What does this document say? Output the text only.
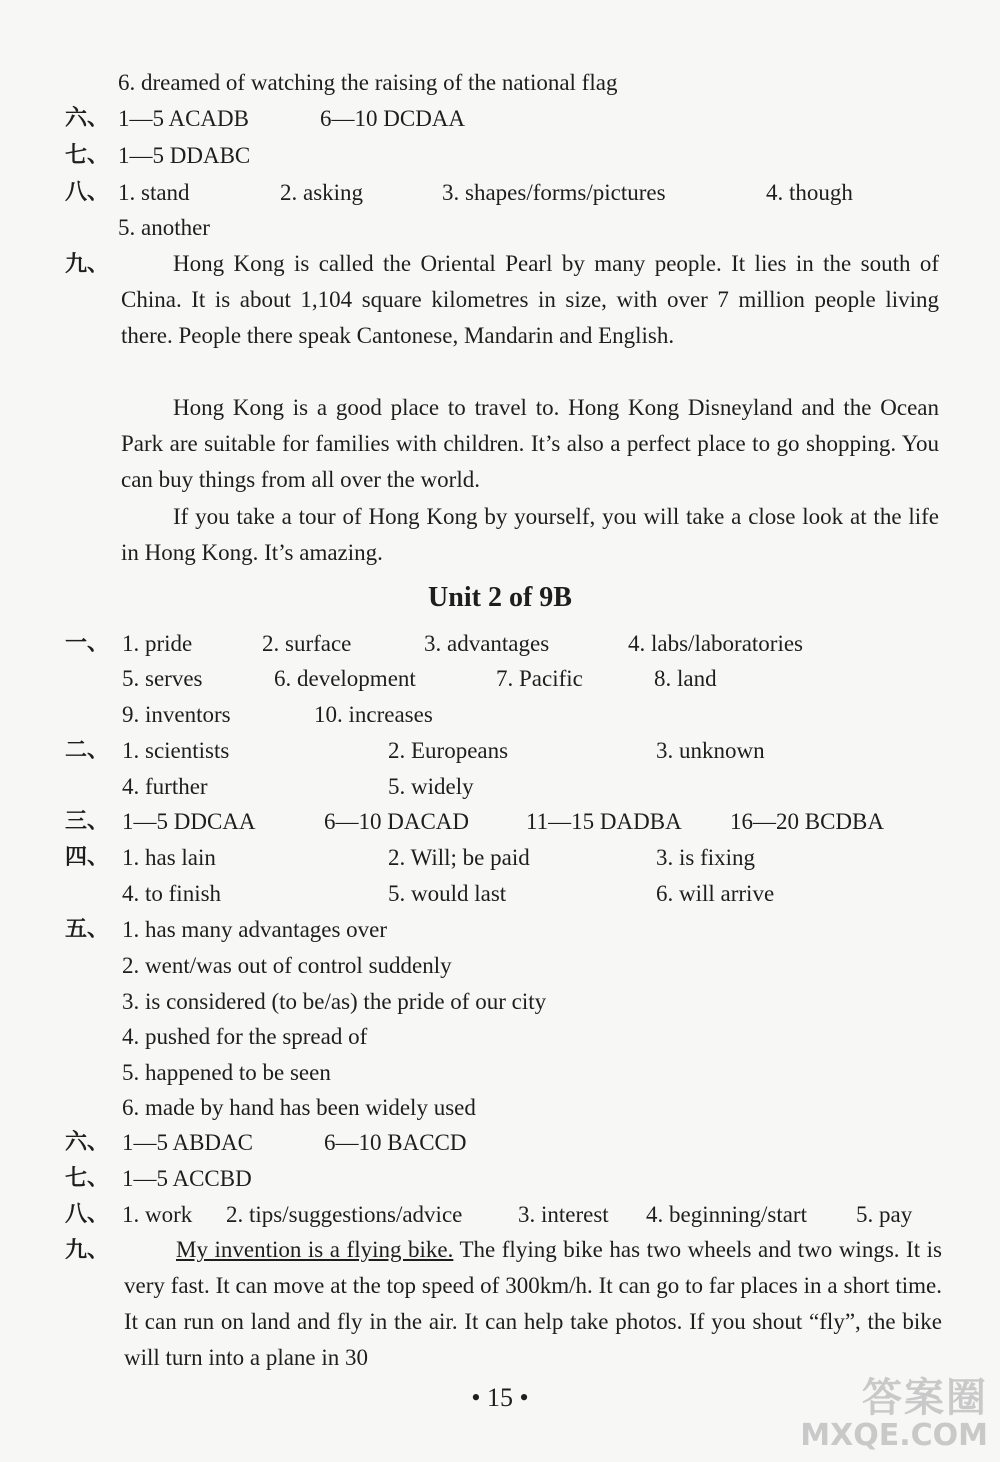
6. dreamed of watching the raising of the national flag
六、 1—5 ACADB	6—10 DCDAA
七、 1—5 DDABC
八、 1. stand	2. asking	3. shapes/forms/pictures	4. though
5. another
九、	Hong Kong is called the Oriental Pearl by many people. It lies in the south of China. It is about 1,104 square kilometres in size, with over 7 million people living there. People there speak Cantonese, Mandarin and English.
Hong Kong is a good place to travel to. Hong Kong Disneyland and the Ocean Park are suitable for families with children. It’s also a perfect place to go shopping. You can buy things from all over the world.
If you take a tour of Hong Kong by yourself, you will take a close look at the life in Hong Kong. It’s amazing.
Unit 2 of 9B
一、 1. pride	2. surface	3. advantages	4. labs/laboratories
5. serves	6. development	7. Pacific	8. land
9. inventors	10. increases
二、 1. scientists	2. Europeans	3. unknown
4. further	5. widely
三、 1—5 DDCAA	6—10 DACAD 11—15 DADBA 16—20 BCDBA
四、 1. has lain	2. Will; be paid	3. is fixing
4. to finish	5. would last	6. will arrive
五、 1. has many advantages over
2. went/was out of control suddenly
3. is considered (to be/as) the pride of our city
4. pushed for the spread of
5. happened to be seen
6. made by hand has been widely used
六、 1—5 ABDAC	6—10 BACCD
七、 1—5 ACCBD
八、 1. work 2. tips/suggestions/advice 3. interest 4. beginning/start 5. pay
九、	My invention is a flying bike. The flying bike has two wheels and two wings. It is very fast. It can move at the top speed of 300km/h. It can go to far places in a short time. It can run on land and fly in the air. It can help take photos. If you shout “fly”, the bike will turn into a plane in 30
• 15 •	答案圈
MXQE.COM
